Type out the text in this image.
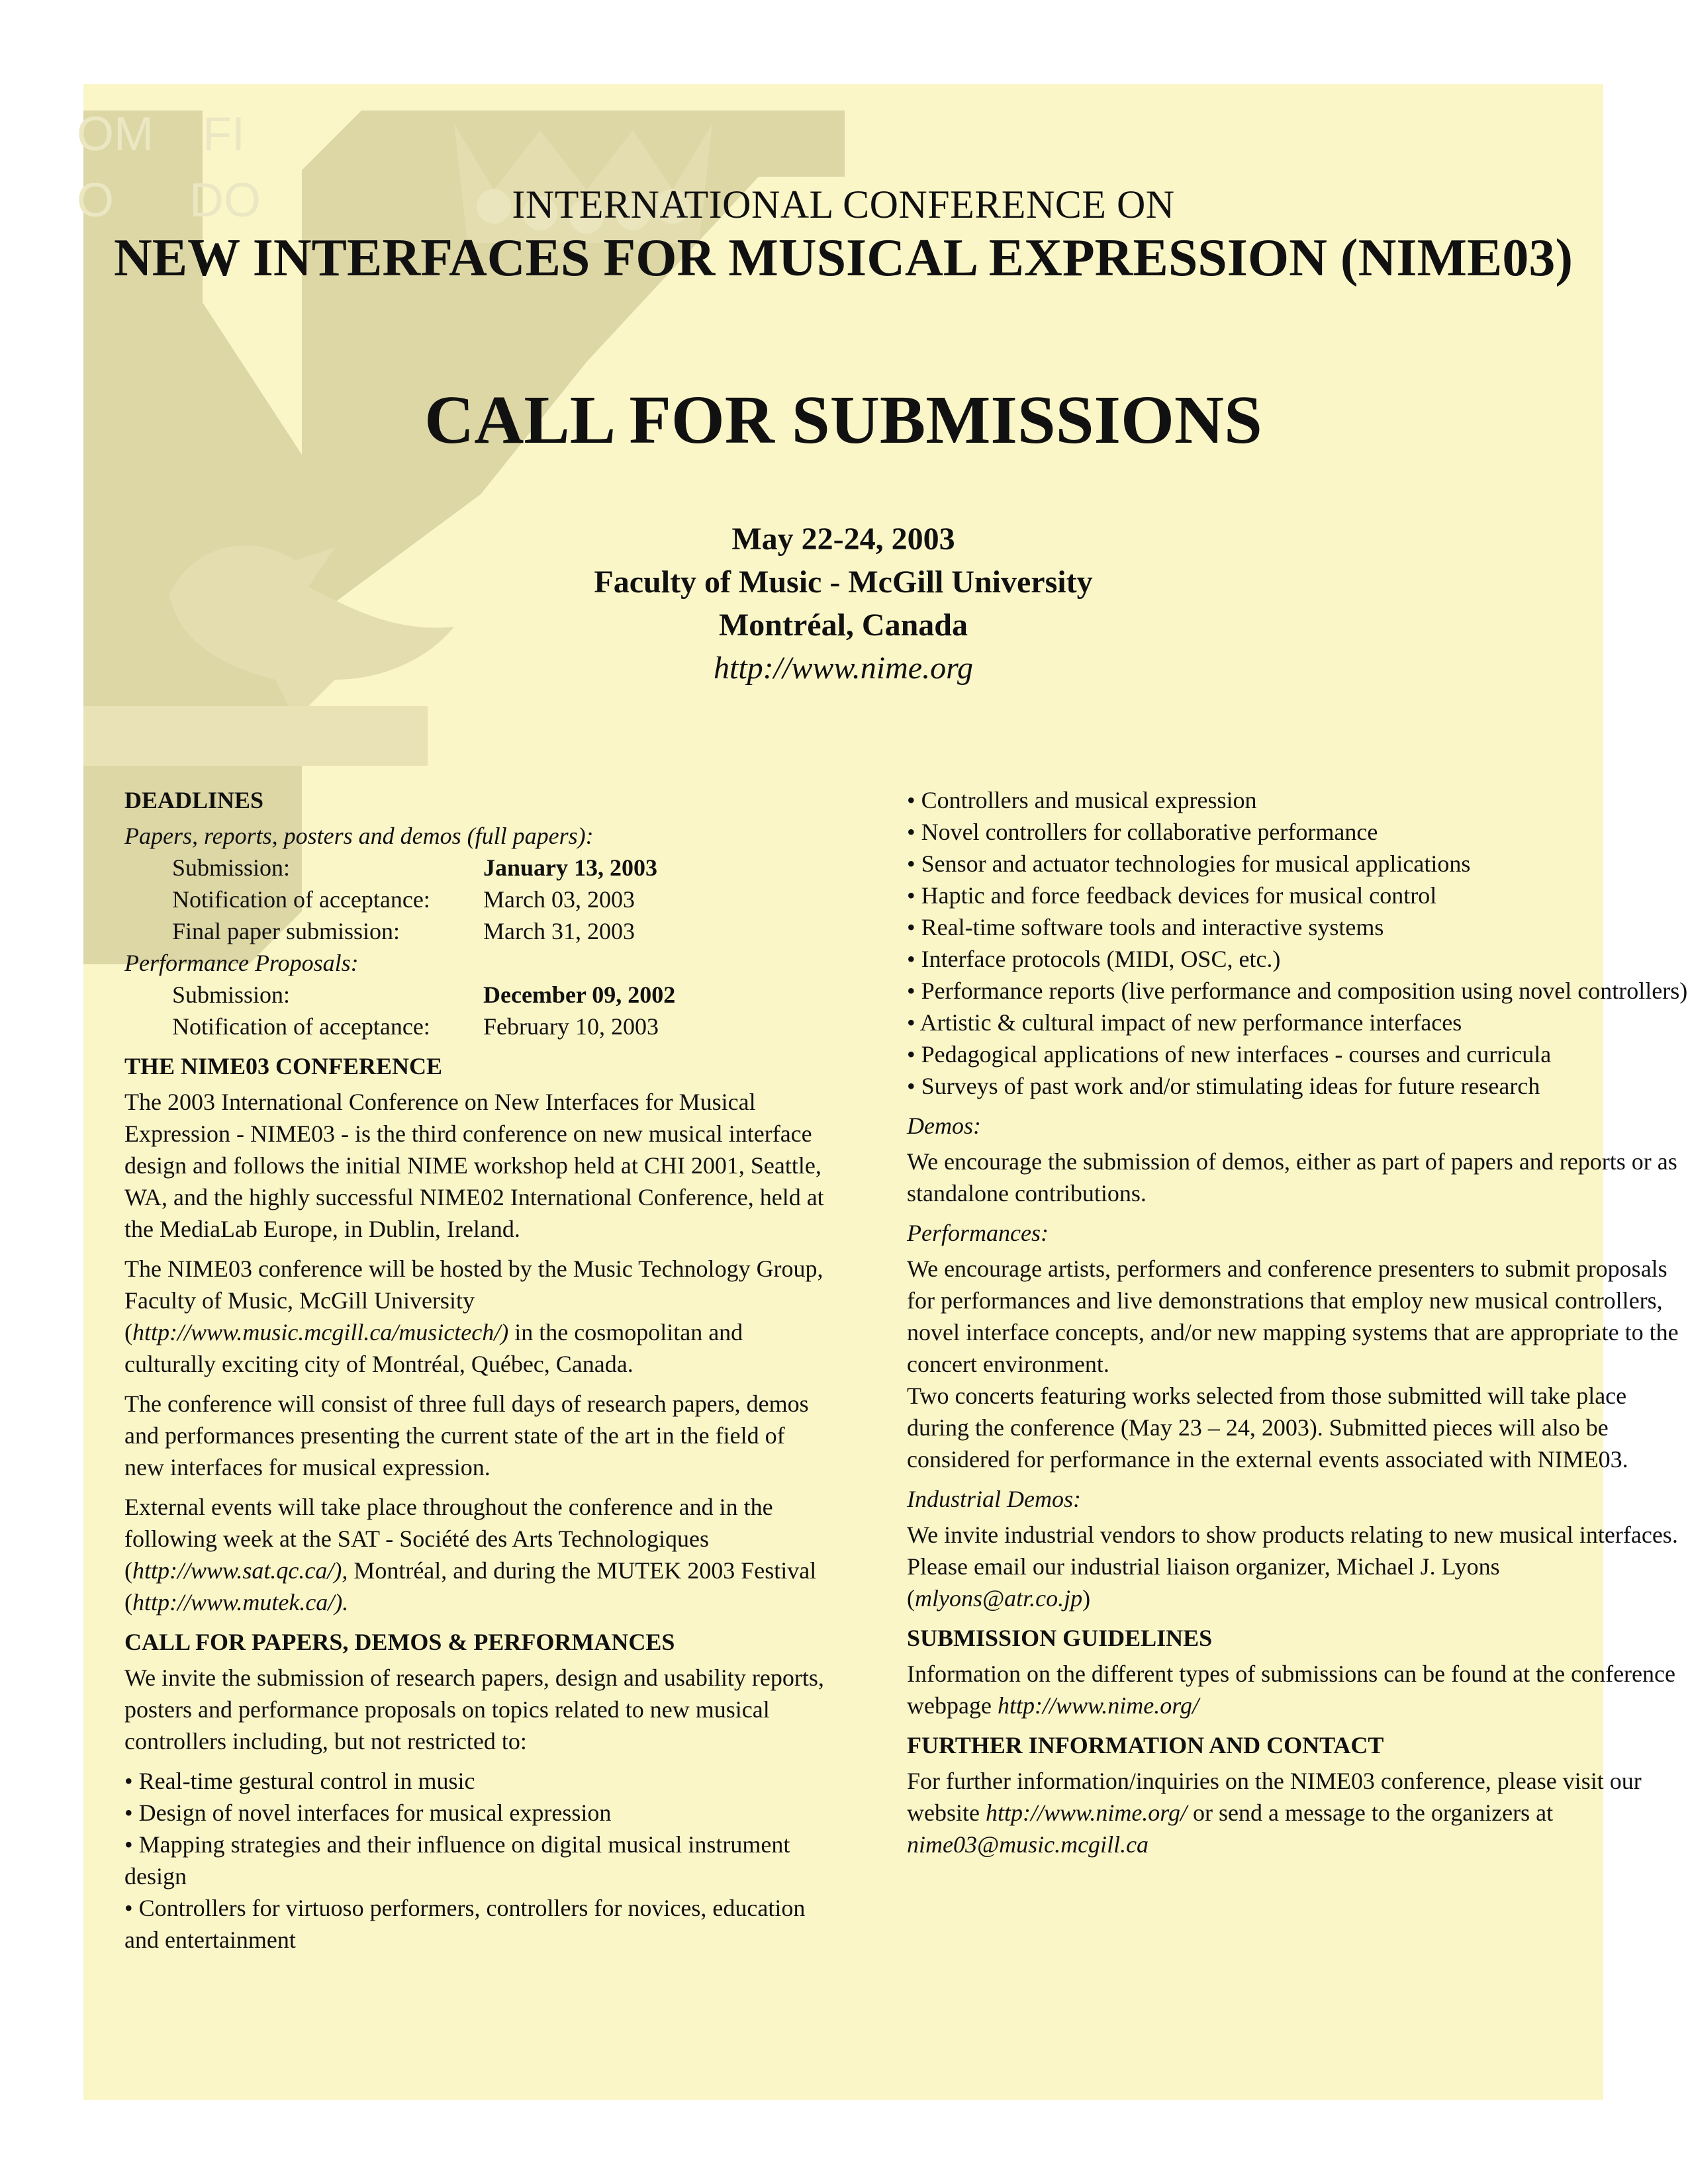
OM FI
O DO	INTERNATIONAL CONFERENCE ON
NEW INTERFACES FOR MUSICAL EXPRESSION (NIME03)
CALL FOR SUBMISSIONS
May 22-24, 2003
Faculty of Music - McGill University
Montréal, Canada
http://www.nime.org
DEADLINES
Papers, reports, posters and demos (full papers):
Submission:	January 13, 2003
Notification of acceptance:	March 03, 2003
Final paper submission:	March 31, 2003
Performance Proposals:
Submission:	December 09, 2002
Notification of acceptance:	February 10, 2003
THE NIME03 CONFERENCE

The 2003 International Conference on New Interfaces for Musical Expression - NIME03 - is the third conference on new musical interface design and follows the initial NIME workshop held at CHI 2001, Seattle, WA, and the highly successful NIME02 International Conference, held at the MediaLab Europe, in Dublin, Ireland.

The NIME03 conference will be hosted by the Music Technology Group, Faculty of Music, McGill University (http://www.music.mcgill.ca/musictech/) in the cosmopolitan and culturally exciting city of Montréal, Québec, Canada.

The conference will consist of three full days of research papers, demos and performances presenting the current state of the art in the field of new interfaces for musical expression.

External events will take place throughout the conference and in the following week at the SAT - Société des Arts Technologiques (http://www.sat.qc.ca/), Montréal, and during the MUTEK 2003 Festival (http://www.mutek.ca/).

CALL FOR PAPERS, DEMOS & PERFORMANCES

We invite the submission of research papers, design and usability reports, posters and performance proposals on topics related to new musical controllers including, but not restricted to:

• Real-time gestural control in music
• Design of novel interfaces for musical expression
• Mapping strategies and their influence on digital musical instrument design
• Controllers for virtuoso performers, controllers for novices, education and entertainment
• Controllers and musical expression
• Novel controllers for collaborative performance
• Sensor and actuator technologies for musical applications
• Haptic and force feedback devices for musical control
• Real-time software tools and interactive systems
• Interface protocols (MIDI, OSC, etc.)
• Performance reports (live performance and composition using novel controllers)
• Artistic & cultural impact of new performance interfaces
• Pedagogical applications of new interfaces - courses and curricula
• Surveys of past work and/or stimulating ideas for future research
Demos:

We encourage the submission of demos, either as part of papers and reports or as standalone contributions.

Performances:

We encourage artists, performers and conference presenters to submit proposals for performances and live demonstrations that employ new musical controllers, novel interface concepts, and/or new mapping systems that are appropriate to the concert environment.

Two concerts featuring works selected from those submitted will take place during the conference (May 23 – 24, 2003). Submitted pieces will also be considered for performance in the external events associated with NIME03.

Industrial Demos:

We invite industrial vendors to show products relating to new musical interfaces. Please email our industrial liaison organizer, Michael J. Lyons (mlyons@atr.co.jp)

SUBMISSION GUIDELINES

Information on the different types of submissions can be found at the conference webpage http://www.nime.org/

FURTHER INFORMATION AND CONTACT

For further information/inquiries on the NIME03 conference, please visit our website http://www.nime.org/ or send a message to the organizers at nime03@music.mcgill.ca
